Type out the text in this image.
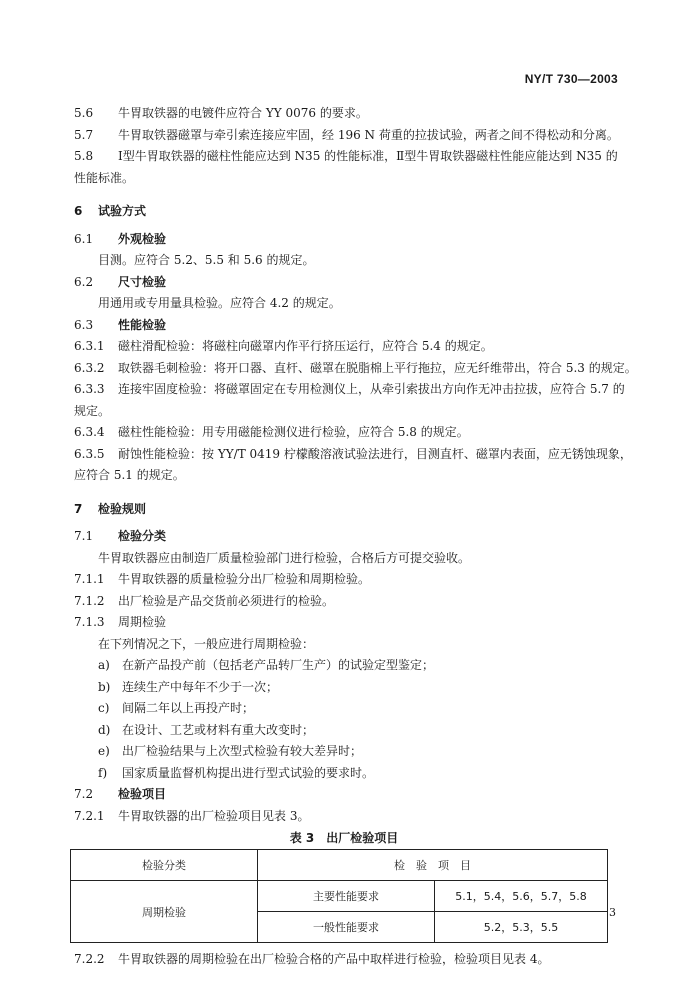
NY/T 730—2003
5.6 牛胃取铁器的电镀件应符合 YY 0076 的要求。
5.7 牛胃取铁器磁罩与牵引索连接应牢固，经 196 N 荷重的拉拔试验，两者之间不得松动和分离。
5.8 Ⅰ型牛胃取铁器的磁柱性能应达到 N35 的性能标准，Ⅱ型牛胃取铁器磁柱性能应能达到 N35 的
性能标准。
6 试验方式
6.1 外观检验
目测。应符合 5.2、5.5 和 5.6 的规定。
6.2 尺寸检验
用通用或专用量具检验。应符合 4.2 的规定。
6.3 性能检验
6.3.1 磁柱滑配检验：将磁柱向磁罩内作平行挤压运行，应符合 5.4 的规定。
6.3.2 取铁器毛刺检验：将开口器、直杆、磁罩在脱脂棉上平行拖拉，应无纤维带出，符合 5.3 的规定。
6.3.3 连接牢固度检验：将磁罩固定在专用检测仪上，从牵引索拔出方向作无冲击拉拔，应符合 5.7 的
规定。
6.3.4 磁柱性能检验：用专用磁能检测仪进行检验，应符合 5.8 的规定。
6.3.5 耐蚀性能检验：按 YY/T 0419 柠檬酸溶液试验法进行，目测直杆、磁罩内表面，应无锈蚀现象，
应符合 5.1 的规定。
7 检验规则
7.1 检验分类
牛胃取铁器应由制造厂质量检验部门进行检验，合格后方可提交验收。
7.1.1 牛胃取铁器的质量检验分出厂检验和周期检验。
7.1.2 出厂检验是产品交货前必须进行的检验。
7.1.3 周期检验
在下列情况之下，一般应进行周期检验：
a) 在新产品投产前（包括老产品转厂生产）的试验定型鉴定；
b) 连续生产中每年不少于一次；
c) 间隔二年以上再投产时；
d) 在设计、工艺或材料有重大改变时；
e) 出厂检验结果与上次型式检验有较大差异时；
f) 国家质量监督机构提出进行型式试验的要求时。
7.2 检验项目
7.2.1 牛胃取铁器的出厂检验项目见表 3。
表 3　出厂检验项目
检验分类	检　验　项　目	
周期检验	主要性能要求	5.1，5.4，5.6，5.7，5.8
	一般性能要求	5.2，5.3，5.5
7.2.2 牛胃取铁器的周期检验在出厂检验合格的产品中取样进行检验，检验项目见表 4。
3
